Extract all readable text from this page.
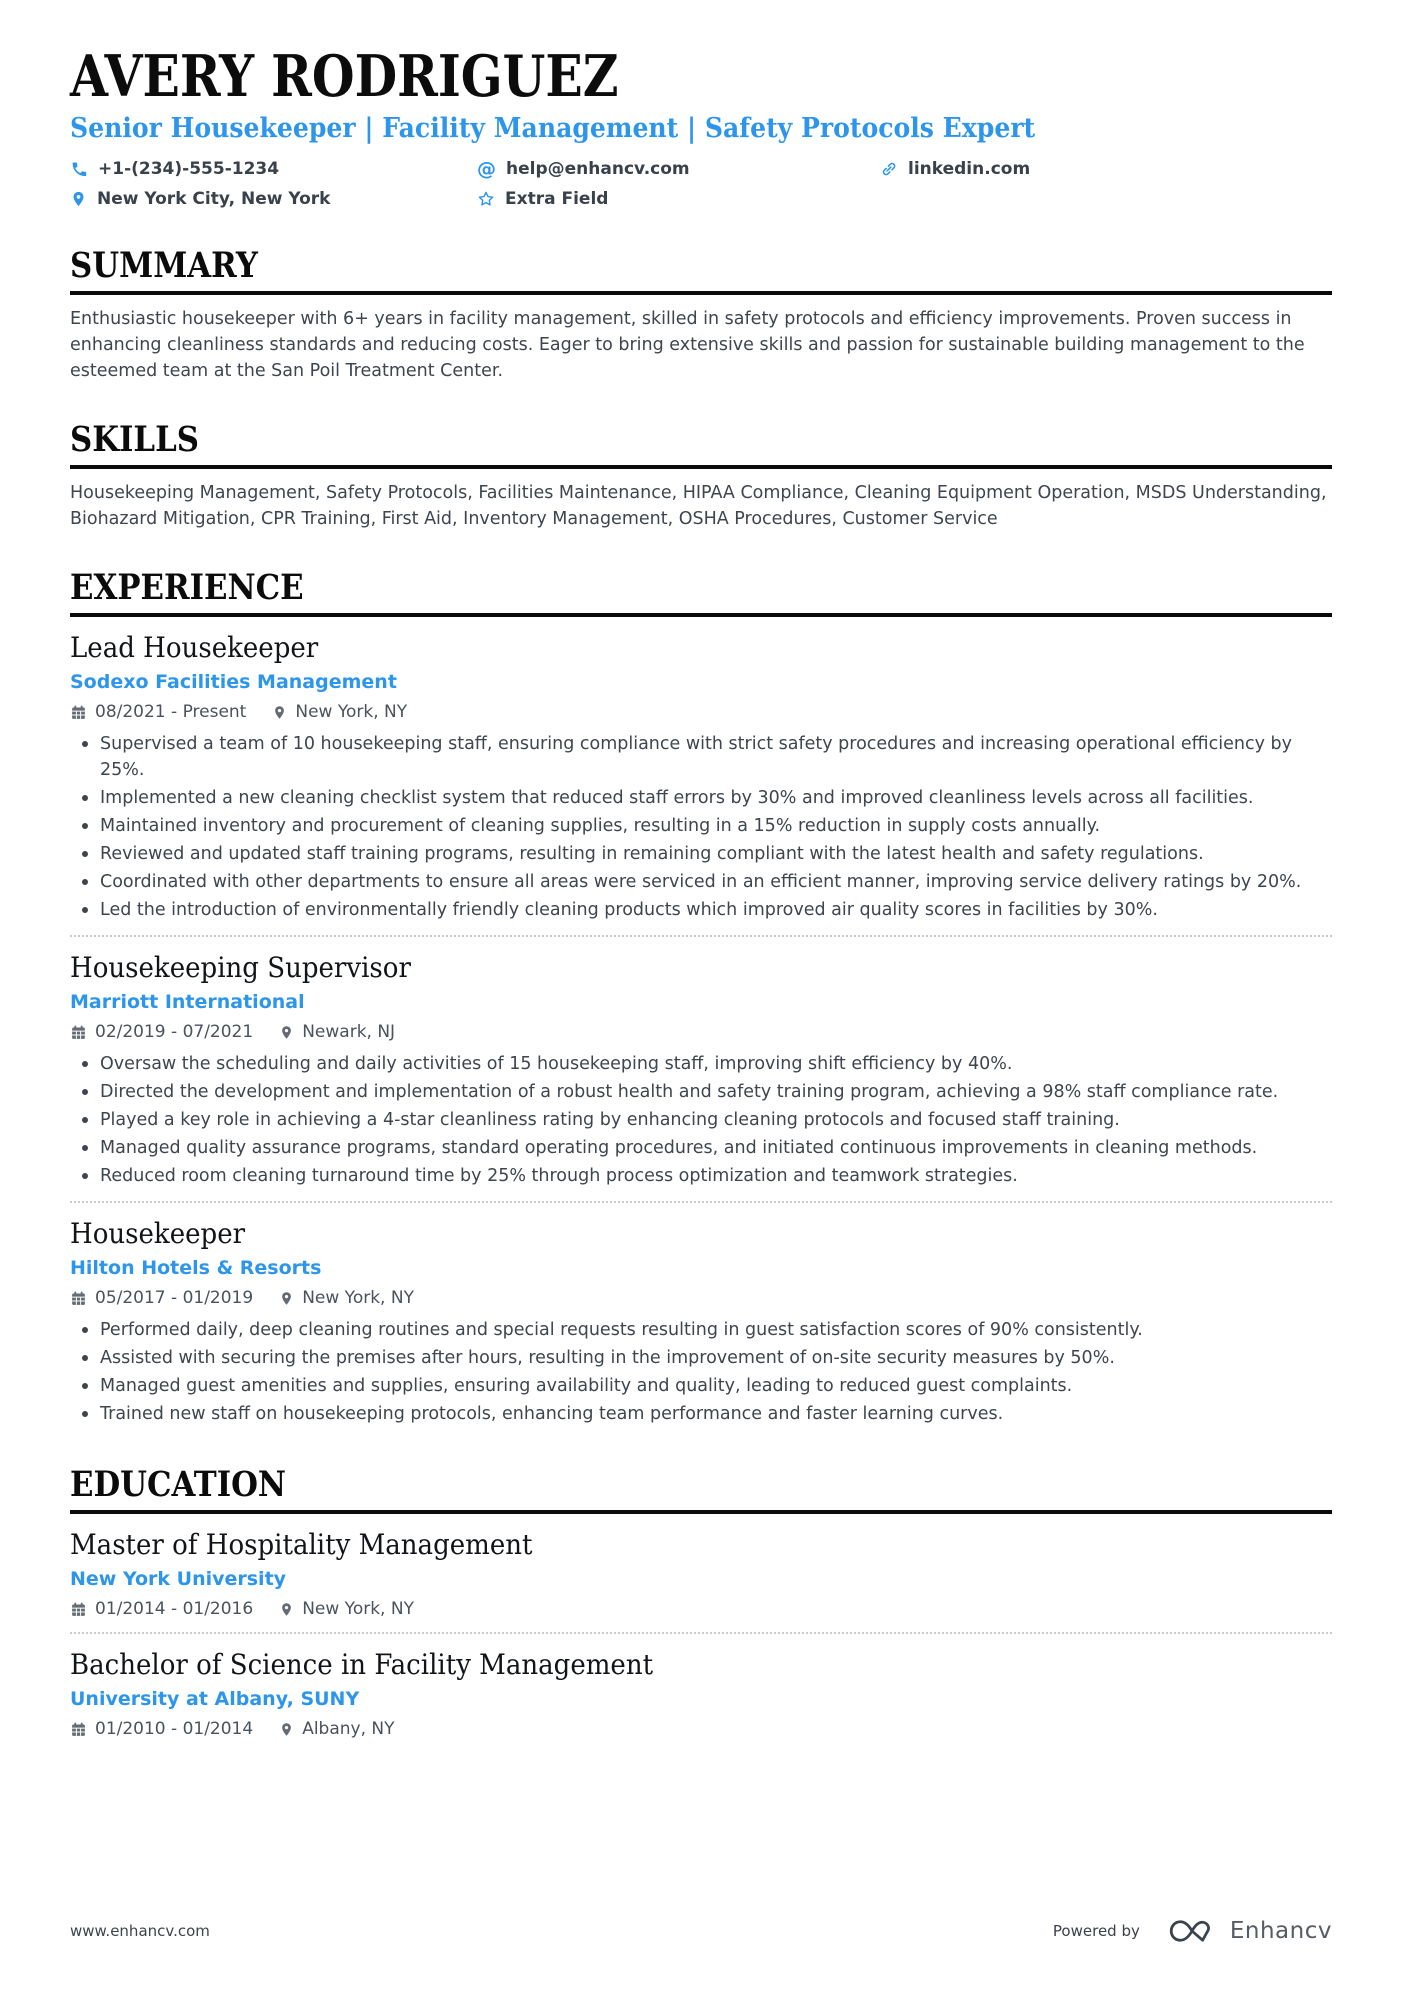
AVERY RODRIGUEZ
Senior Housekeeper | Facility Management | Safety Protocols Expert
+1-(234)-555-1234	@ help@enhancv.com	linkedin.com
New York City, New York	Extra Field
SUMMARY

Enthusiastic housekeeper with 6+ years in facility management, skilled in safety protocols and efficiency improvements. Proven success in enhancing cleanliness standards and reducing costs. Eager to bring extensive skills and passion for sustainable building management to the esteemed team at the San Poil Treatment Center.

SKILLS

Housekeeping Management, Safety Protocols, Facilities Maintenance, HIPAA Compliance, Cleaning Equipment Operation, MSDS Understanding, Biohazard Mitigation, CPR Training, First Aid, Inventory Management, OSHA Procedures, Customer Service

EXPERIENCE
Lead Housekeeper
Sodexo Facilities Management
08/2021 - Present	New York, NY
Supervised a team of 10 housekeeping staff, ensuring compliance with strict safety procedures and increasing operational efficiency by 25%.
Implemented a new cleaning checklist system that reduced staff errors by 30% and improved cleanliness levels across all facilities.
Maintained inventory and procurement of cleaning supplies, resulting in a 15% reduction in supply costs annually.
Reviewed and updated staff training programs, resulting in remaining compliant with the latest health and safety regulations.
Coordinated with other departments to ensure all areas were serviced in an efficient manner, improving service delivery ratings by 20%.
Led the introduction of environmentally friendly cleaning products which improved air quality scores in facilities by 30%.
Housekeeping Supervisor
Marriott International
02/2019 - 07/2021	Newark, NJ
Oversaw the scheduling and daily activities of 15 housekeeping staff, improving shift efficiency by 40%.
Directed the development and implementation of a robust health and safety training program, achieving a 98% staff compliance rate.
Played a key role in achieving a 4-star cleanliness rating by enhancing cleaning protocols and focused staff training.
Managed quality assurance programs, standard operating procedures, and initiated continuous improvements in cleaning methods.
Reduced room cleaning turnaround time by 25% through process optimization and teamwork strategies.
Housekeeper
Hilton Hotels & Resorts
05/2017 - 01/2019	New York, NY
Performed daily, deep cleaning routines and special requests resulting in guest satisfaction scores of 90% consistently.
Assisted with securing the premises after hours, resulting in the improvement of on-site security measures by 50%.
Managed guest amenities and supplies, ensuring availability and quality, leading to reduced guest complaints.
Trained new staff on housekeeping protocols, enhancing team performance and faster learning curves.
EDUCATION
Master of Hospitality Management
New York University
01/2014 - 01/2016	New York, NY
Bachelor of Science in Facility Management
University at Albany, SUNY
01/2010 - 01/2014	Albany, NY
www.enhancv.com	Powered by	Enhancv
